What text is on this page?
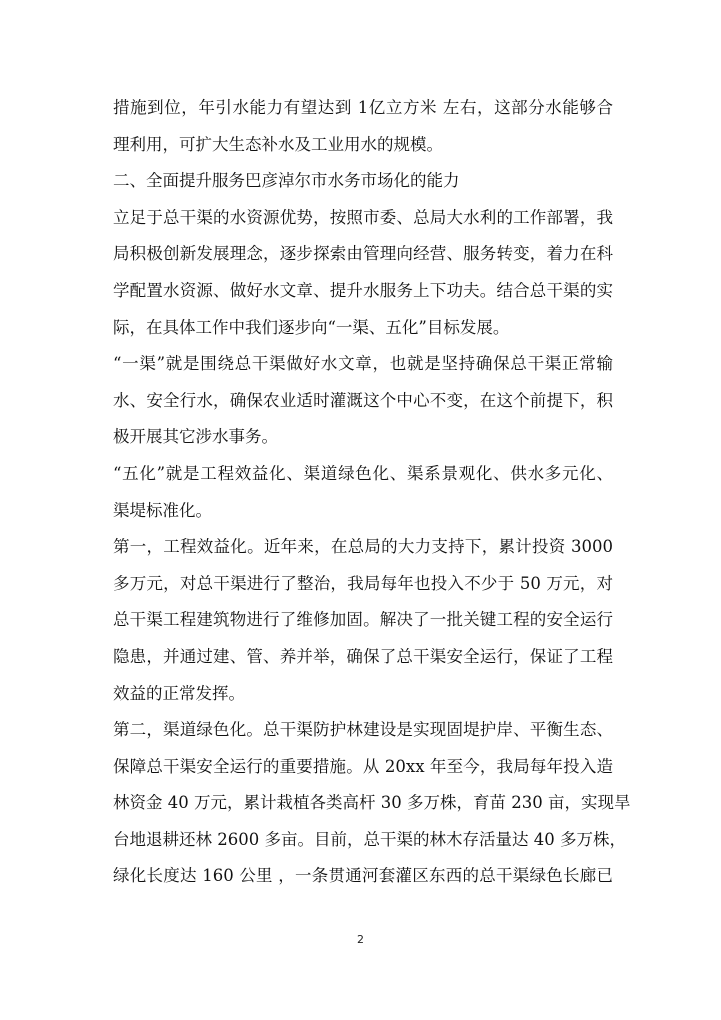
措施到位，年引水能力有望达到 1亿立方米 左右，这部分水能够合
理利用，可扩大生态补水及工业用水的规模。
二、全面提升服务巴彦淖尔市水务市场化的能力
立足于总干渠的水资源优势，按照市委、总局大水利的工作部署，我
局积极创新发展理念，逐步探索由管理向经营、服务转变，着力在科
学配置水资源、做好水文章、提升水服务上下功夫。结合总干渠的实
际，在具体工作中我们逐步向“一渠、五化”目标发展。
“一渠”就是围绕总干渠做好水文章，也就是坚持确保总干渠正常输
水、安全行水，确保农业适时灌溉这个中心不变，在这个前提下，积
极开展其它涉水事务。
“五化”就是工程效益化、渠道绿色化、渠系景观化、供水多元化、
渠堤标准化。
第一，工程效益化。近年来，在总局的大力支持下，累计投资 3000
多万元，对总干渠进行了整治，我局每年也投入不少于 50 万元，对
总干渠工程建筑物进行了维修加固。解决了一批关键工程的安全运行
隐患，并通过建、管、养并举，确保了总干渠安全运行，保证了工程
效益的正常发挥。
第二，渠道绿色化。总干渠防护林建设是实现固堤护岸、平衡生态、
保障总干渠安全运行的重要措施。从 20xx 年至今，我局每年投入造
林资金 40 万元，累计栽植各类高杆 30 多万株，育苗 230 亩，实现旱
台地退耕还林 2600 多亩。目前，总干渠的林木存活量达 40 多万株，
绿化长度达 160 公里 ，一条贯通河套灌区东西的总干渠绿色长廊已
2
